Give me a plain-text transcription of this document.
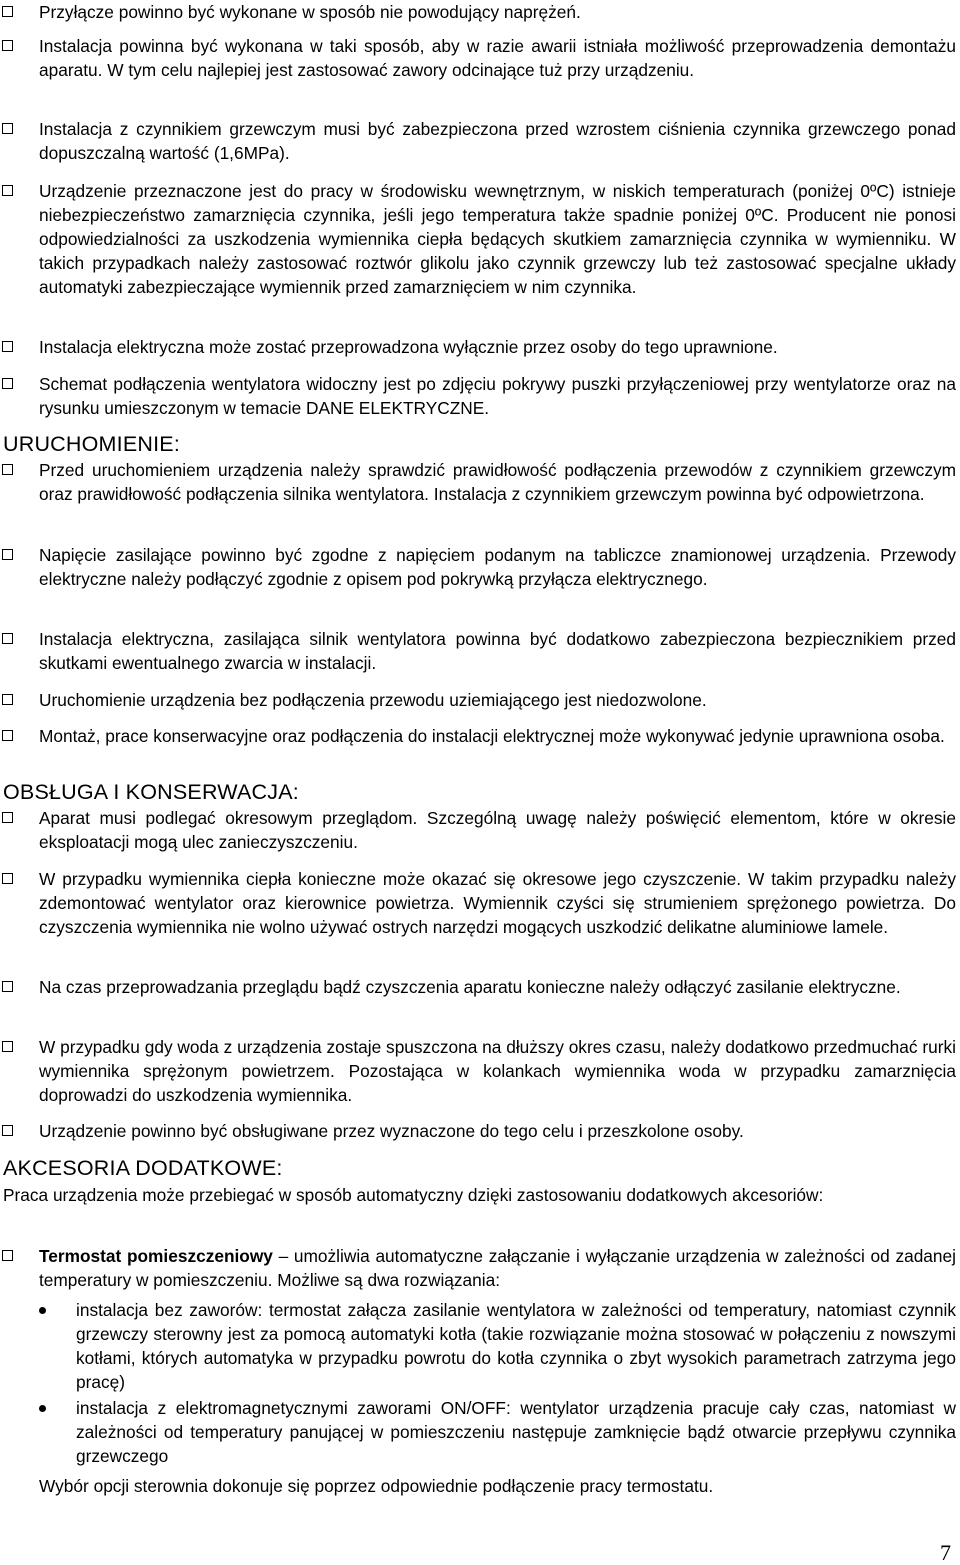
Przyłącze powinno być wykonane w sposób nie powodujący naprężeń.

Instalacja powinna być wykonana w taki sposób, aby w razie awarii istniała możliwość przeprowadzenia demontażu aparatu. W tym celu najlepiej jest zastosować zawory odcinające tuż przy urządzeniu.

Instalacja z czynnikiem grzewczym musi być zabezpieczona przed wzrostem ciśnienia czynnika grzewczego ponad dopuszczalną wartość (1,6MPa).

Urządzenie przeznaczone jest do pracy w środowisku wewnętrznym, w niskich temperaturach (poniżej 0ºC) istnieje niebezpieczeństwo zamarznięcia czynnika, jeśli jego temperatura także spadnie poniżej 0ºC. Producent nie ponosi odpowiedzialności za uszkodzenia wymiennika ciepła będących skutkiem zamarznięcia czynnika w wymienniku. W takich przypadkach należy zastosować roztwór glikolu jako czynnik grzewczy lub też zastosować specjalne układy automatyki zabezpieczające wymiennik przed zamarznięciem w nim czynnika.

Instalacja elektryczna może zostać przeprowadzona wyłącznie przez osoby do tego uprawnione.

Schemat podłączenia wentylatora widoczny jest po zdjęciu pokrywy puszki przyłączeniowej przy wentylatorze oraz na rysunku umieszczonym w temacie DANE ELEKTRYCZNE.

URUCHOMIENIE:

Przed uruchomieniem urządzenia należy sprawdzić prawidłowość podłączenia przewodów z czynnikiem grzewczym oraz prawidłowość podłączenia silnika wentylatora. Instalacja z czynnikiem grzewczym powinna być odpowietrzona.

Napięcie zasilające powinno być zgodne z napięciem podanym na tabliczce znamionowej urządzenia. Przewody elektryczne należy podłączyć zgodnie z opisem pod pokrywką przyłącza elektrycznego.

Instalacja elektryczna, zasilająca silnik wentylatora powinna być dodatkowo zabezpieczona bezpiecznikiem przed skutkami ewentualnego zwarcia w instalacji.

Uruchomienie urządzenia bez podłączenia przewodu uziemiającego jest niedozwolone.

Montaż, prace konserwacyjne oraz podłączenia do instalacji elektrycznej może wykonywać jedynie uprawniona osoba.

OBSŁUGA I KONSERWACJA:

Aparat musi podlegać okresowym przeglądom. Szczególną uwagę należy poświęcić elementom, które w okresie eksploatacji mogą ulec zanieczyszczeniu.

W przypadku wymiennika ciepła konieczne może okazać się okresowe jego czyszczenie. W takim przypadku należy zdemontować wentylator oraz kierownice powietrza. Wymiennik czyści się strumieniem sprężonego powietrza. Do czyszczenia wymiennika nie wolno używać ostrych narzędzi mogących uszkodzić delikatne aluminiowe lamele.

Na czas przeprowadzania przeglądu bądź czyszczenia aparatu konieczne należy odłączyć zasilanie elektryczne.

W przypadku gdy woda z urządzenia zostaje spuszczona na dłuższy okres czasu, należy dodatkowo przedmuchać rurki wymiennika sprężonym powietrzem. Pozostająca w kolankach wymiennika woda w przypadku zamarznięcia doprowadzi do uszkodzenia wymiennika.

Urządzenie powinno być obsługiwane przez wyznaczone do tego celu i przeszkolone osoby.

AKCESORIA DODATKOWE:

Praca urządzenia może przebiegać w sposób automatyczny dzięki zastosowaniu dodatkowych akcesoriów:

Termostat pomieszczeniowy – umożliwia automatyczne załączanie i wyłączanie urządzenia w zależności od zadanej temperatury w pomieszczeniu. Możliwe są dwa rozwiązania:

instalacja bez zaworów: termostat załącza zasilanie wentylatora w zależności od temperatury, natomiast czynnik grzewczy sterowny jest za pomocą automatyki kotła (takie rozwiązanie można stosować w połączeniu z nowszymi kotłami, których automatyka w przypadku powrotu do kotła czynnika o zbyt wysokich parametrach zatrzyma jego pracę)

instalacja z elektromagnetycznymi zaworami ON/OFF: wentylator urządzenia pracuje cały czas, natomiast w zależności od temperatury panującej w pomieszczeniu następuje zamknięcie bądź otwarcie przepływu czynnika grzewczego

Wybór opcji sterownia dokonuje się poprzez odpowiednie podłączenie pracy termostatu.

7
